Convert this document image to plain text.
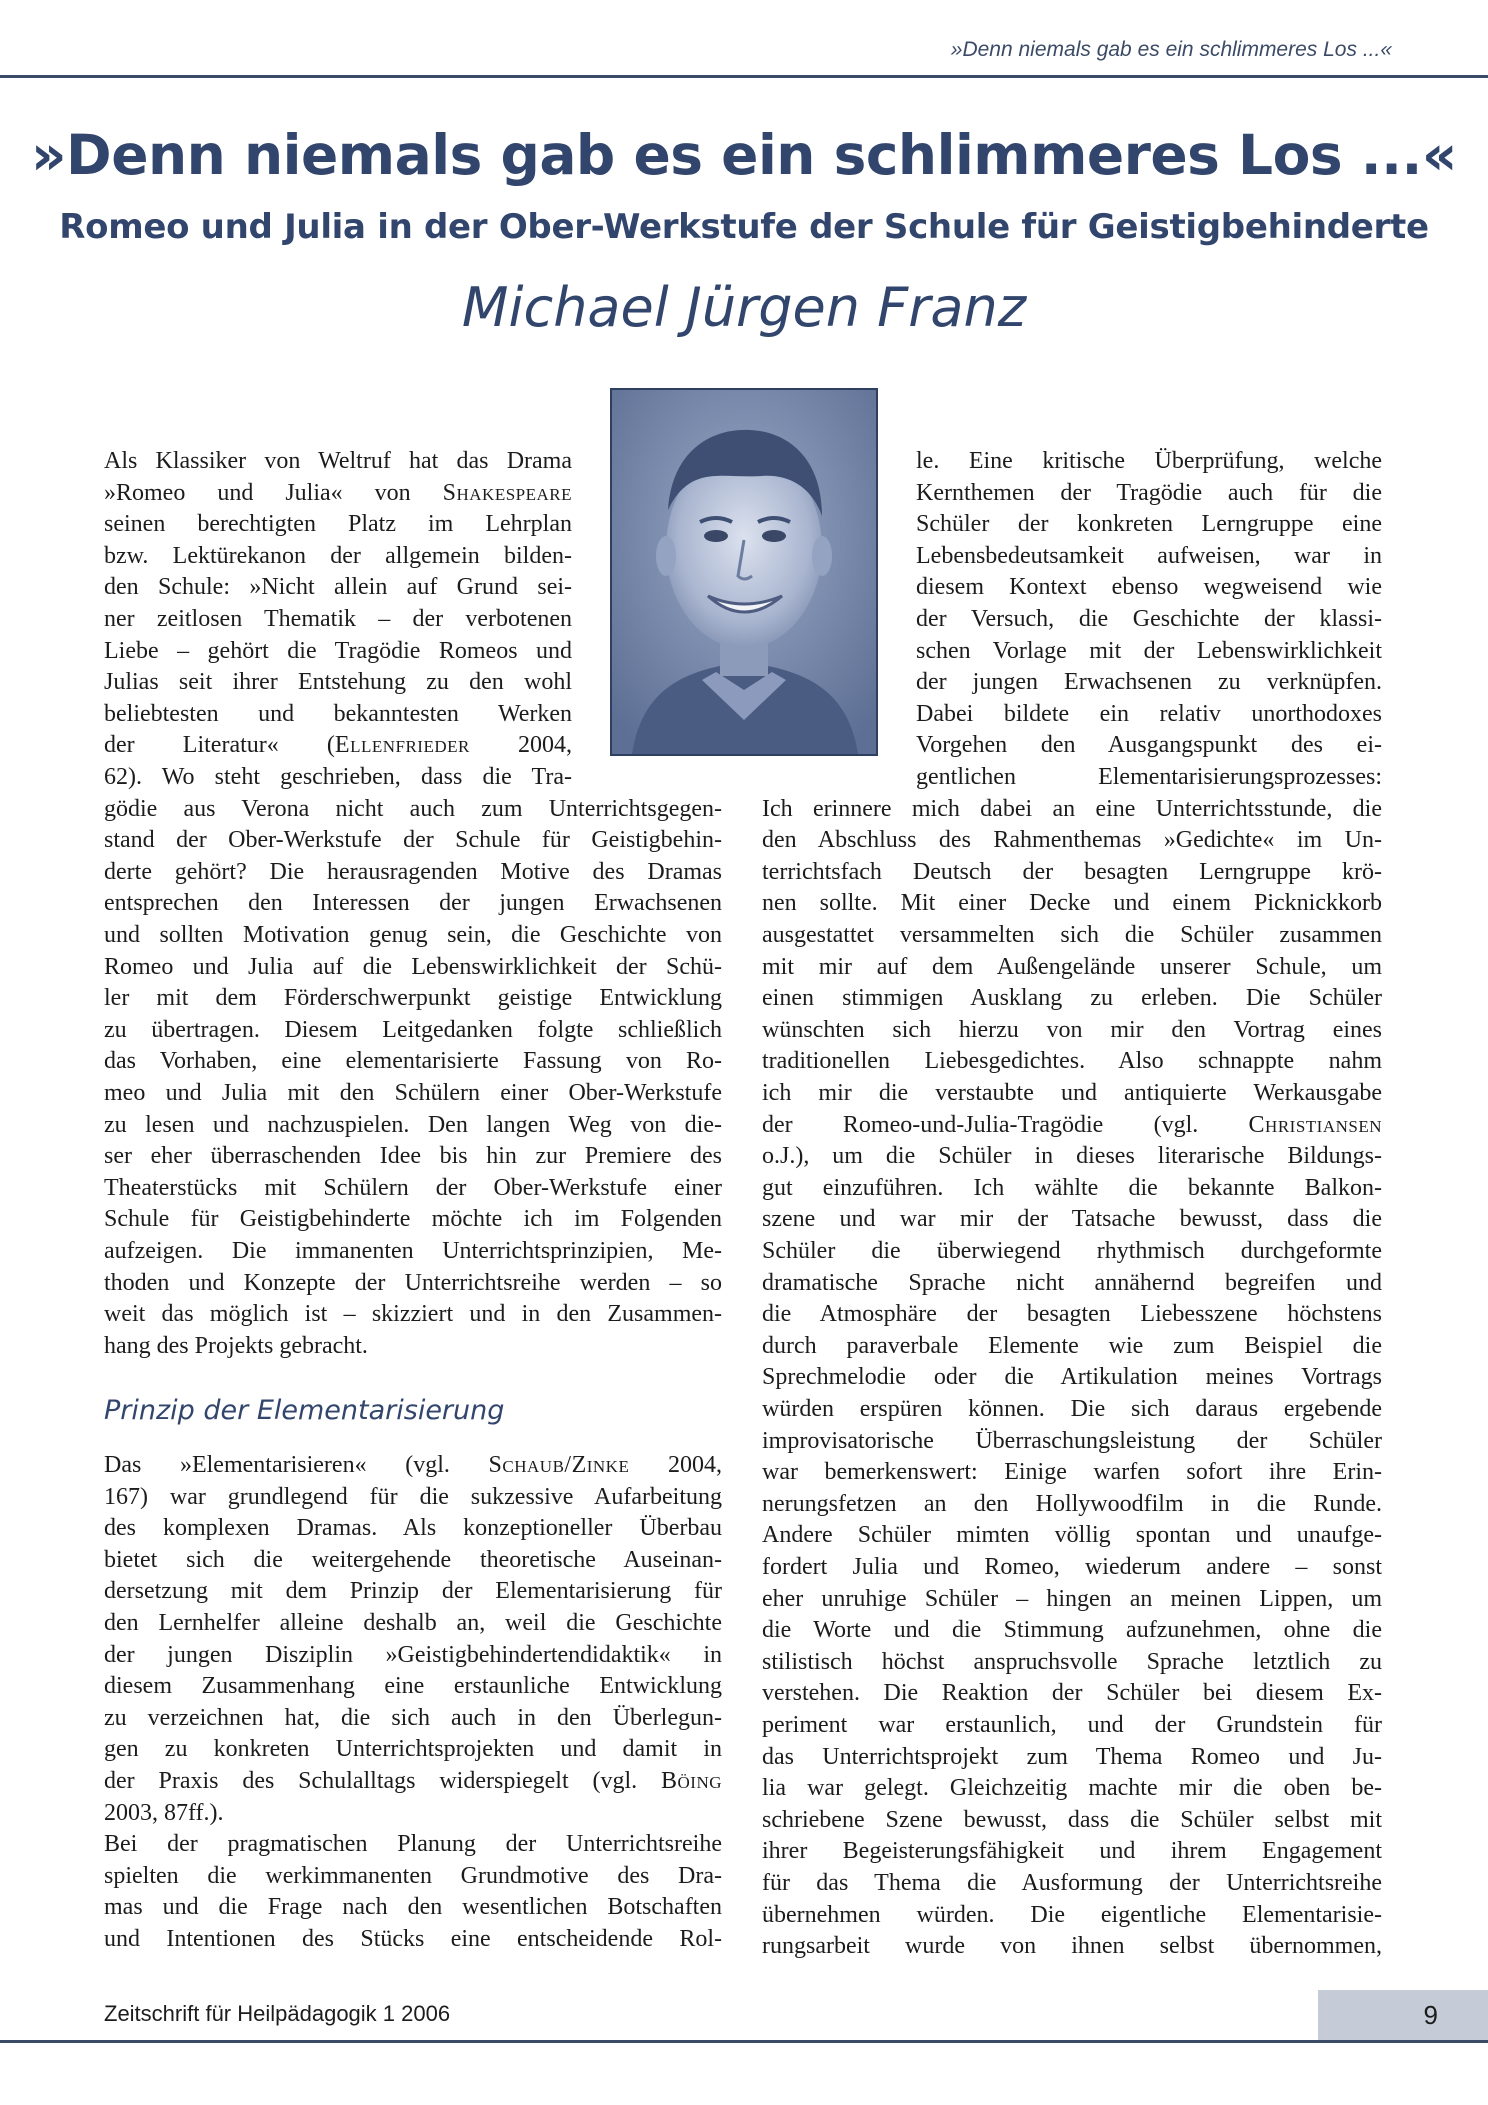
»Denn niemals gab es ein schlimmeres Los ...«
»Denn niemals gab es ein schlimmeres Los ...«
Romeo und Julia in der Ober-Werkstufe der Schule für Geistigbehinderte
Michael Jürgen Franz
Als Klassiker von Weltruf hat das Drama
»Romeo und Julia« von Shakespeare
seinen berechtigten Platz im Lehrplan
bzw. Lektürekanon der allgemein bilden-
den Schule: »Nicht allein auf Grund sei-
ner zeitlosen Thematik – der verbotenen
Liebe – gehört die Tragödie Romeos und
Julias seit ihrer Entstehung zu den wohl
beliebtesten und bekanntesten Werken
der Literatur« (Ellenfrieder 2004,
62). Wo steht geschrieben, dass die Tra-
gödie aus Verona nicht auch zum Unterrichtsgegen-
stand der Ober-Werkstufe der Schule für Geistigbehin-
derte gehört? Die herausragenden Motive des Dramas
entsprechen den Interessen der jungen Erwachsenen
und sollten Motivation genug sein, die Geschichte von
Romeo und Julia auf die Lebenswirklichkeit der Schü-
ler mit dem Förderschwerpunkt geistige Entwicklung
zu übertragen. Diesem Leitgedanken folgte schließlich
das Vorhaben, eine elementarisierte Fassung von Ro-
meo und Julia mit den Schülern einer Ober-Werkstufe
zu lesen und nachzuspielen. Den langen Weg von die-
ser eher überraschenden Idee bis hin zur Premiere des
Theaterstücks mit Schülern der Ober-Werkstufe einer
Schule für Geistigbehinderte möchte ich im Folgenden
aufzeigen. Die immanenten Unterrichtsprinzipien, Me-
thoden und Konzepte der Unterrichtsreihe werden – so
weit das möglich ist – skizziert und in den Zusammen-
hang des Projekts gebracht.
Das »Elementarisieren« (vgl. Schaub/Zinke 2004,
167) war grundlegend für die sukzessive Aufarbeitung
des komplexen Dramas. Als konzeptioneller Überbau
bietet sich die weitergehende theoretische Auseinan-
dersetzung mit dem Prinzip der Elementarisierung für
den Lernhelfer alleine deshalb an, weil die Geschichte
der jungen Disziplin »Geistigbehindertendidaktik« in
diesem Zusammenhang eine erstaunliche Entwicklung
zu verzeichnen hat, die sich auch in den Überlegun-
gen zu konkreten Unterrichtsprojekten und damit in
der Praxis des Schulalltags widerspiegelt (vgl. Böing
2003, 87ff.).
Bei der pragmatischen Planung der Unterrichtsreihe
spielten die werkimmanenten Grundmotive des Dra-
mas und die Frage nach den wesentlichen Botschaften
und Intentionen des Stücks eine entscheidende Rol-
Prinzip der Elementarisierung
le. Eine kritische Überprüfung, welche
Kernthemen der Tragödie auch für die
Schüler der konkreten Lerngruppe eine
Lebensbedeutsamkeit aufweisen, war in
diesem Kontext ebenso wegweisend wie
der Versuch, die Geschichte der klassi-
schen Vorlage mit der Lebenswirklichkeit
der jungen Erwachsenen zu verknüpfen.
Dabei bildete ein relativ unorthodoxes
Vorgehen den Ausgangspunkt des ei-
gentlichen Elementarisierungsprozesses:
Ich erinnere mich dabei an eine Unterrichtsstunde, die
den Abschluss des Rahmenthemas »Gedichte« im Un-
terrichtsfach Deutsch der besagten Lerngruppe krö-
nen sollte. Mit einer Decke und einem Picknickkorb
ausgestattet versammelten sich die Schüler zusammen
mit mir auf dem Außengelände unserer Schule, um
einen stimmigen Ausklang zu erleben. Die Schüler
wünschten sich hierzu von mir den Vortrag eines
traditionellen Liebesgedichtes. Also schnappte nahm
ich mir die verstaubte und antiquierte Werkausgabe
der Romeo-und-Julia-Tragödie (vgl. Christiansen
o.J.), um die Schüler in dieses literarische Bildungs-
gut einzuführen. Ich wählte die bekannte Balkon-
szene und war mir der Tatsache bewusst, dass die
Schüler die überwiegend rhythmisch durchgeformte
dramatische Sprache nicht annähernd begreifen und
die Atmosphäre der besagten Liebesszene höchstens
durch paraverbale Elemente wie zum Beispiel die
Sprechmelodie oder die Artikulation meines Vortrags
würden erspüren können. Die sich daraus ergebende
improvisatorische Überraschungsleistung der Schüler
war bemerkenswert: Einige warfen sofort ihre Erin-
nerungsfetzen an den Hollywoodfilm in die Runde.
Andere Schüler mimten völlig spontan und unaufge-
fordert Julia und Romeo, wiederum andere – sonst
eher unruhige Schüler – hingen an meinen Lippen, um
die Worte und die Stimmung aufzunehmen, ohne die
stilistisch höchst anspruchsvolle Sprache letztlich zu
verstehen. Die Reaktion der Schüler bei diesem Ex-
periment war erstaunlich, und der Grundstein für
das Unterrichtsprojekt zum Thema Romeo und Ju-
lia war gelegt. Gleichzeitig machte mir die oben be-
schriebene Szene bewusst, dass die Schüler selbst mit
ihrer Begeisterungsfähigkeit und ihrem Engagement
für das Thema die Ausformung der Unterrichtsreihe
übernehmen würden. Die eigentliche Elementarisie-
rungsarbeit wurde von ihnen selbst übernommen,
9
Zeitschrift für Heilpädagogik 1 2006
